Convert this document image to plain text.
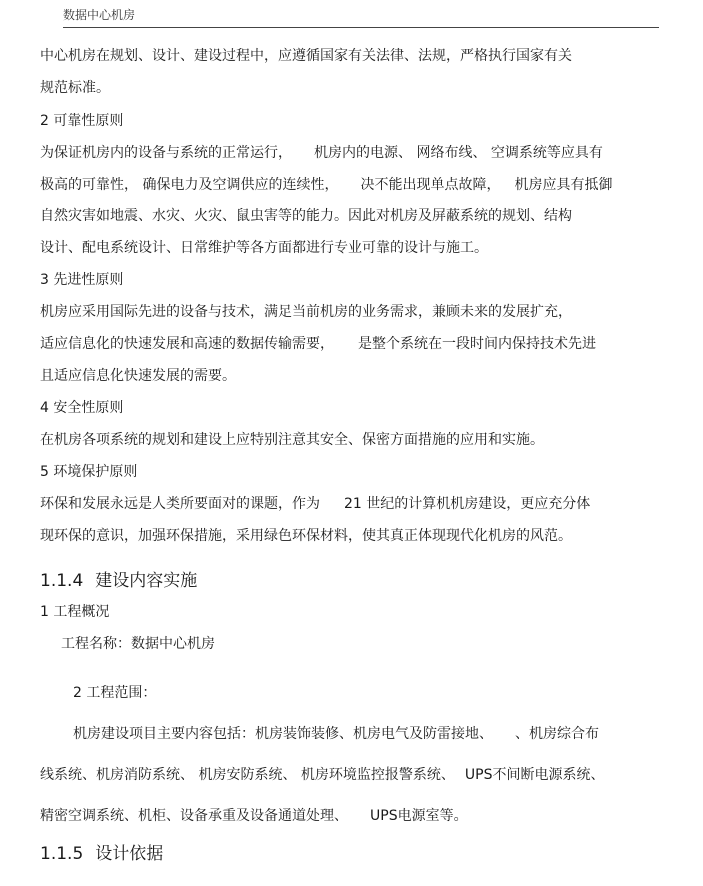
数据中心机房
中心机房在规划、设计、建设过程中，应遵循国家有关法律、法规，严格执行国家有关
规范标准。
2 可靠性原则
为保证机房内的设备与系统的正常运行， 机房内的电源、 网络布线、 空调系统等应具有
极高的可靠性， 确保电力及空调供应的连续性， 决不能出现单点故障， 机房应具有抵御
自然灾害如地震、水灾、火灾、鼠虫害等的能力。因此对机房及屏蔽系统的规划、结构
设计、配电系统设计、日常维护等各方面都进行专业可靠的设计与施工。
3 先进性原则
机房应采用国际先进的设备与技术，满足当前机房的业务需求，兼顾未来的发展扩充，
适应信息化的快速发展和高速的数据传输需要， 是整个系统在一段时间内保持技术先进
且适应信息化快速发展的需要。
4 安全性原则
在机房各项系统的规划和建设上应特别注意其安全、保密方面措施的应用和实施。
5 环境保护原则
环保和发展永远是人类所要面对的课题，作为 21 世纪的计算机机房建设，更应充分体
现环保的意识，加强环保措施，采用绿色环保材料，使其真正体现现代化机房的风范。
1.1.4 建设内容实施
1 工程概况
工程名称：数据中心机房
2 工程范围：
机房建设项目主要内容包括：机房装饰装修、机房电气及防雷接地、 、机房综合布
线系统、机房消防系统、 机房安防系统、 机房环境监控报警系统、 UPS不间断电源系统、
精密空调系统、机柜、设备承重及设备通道处理、 UPS电源室等。
1.1.5 设计依据
